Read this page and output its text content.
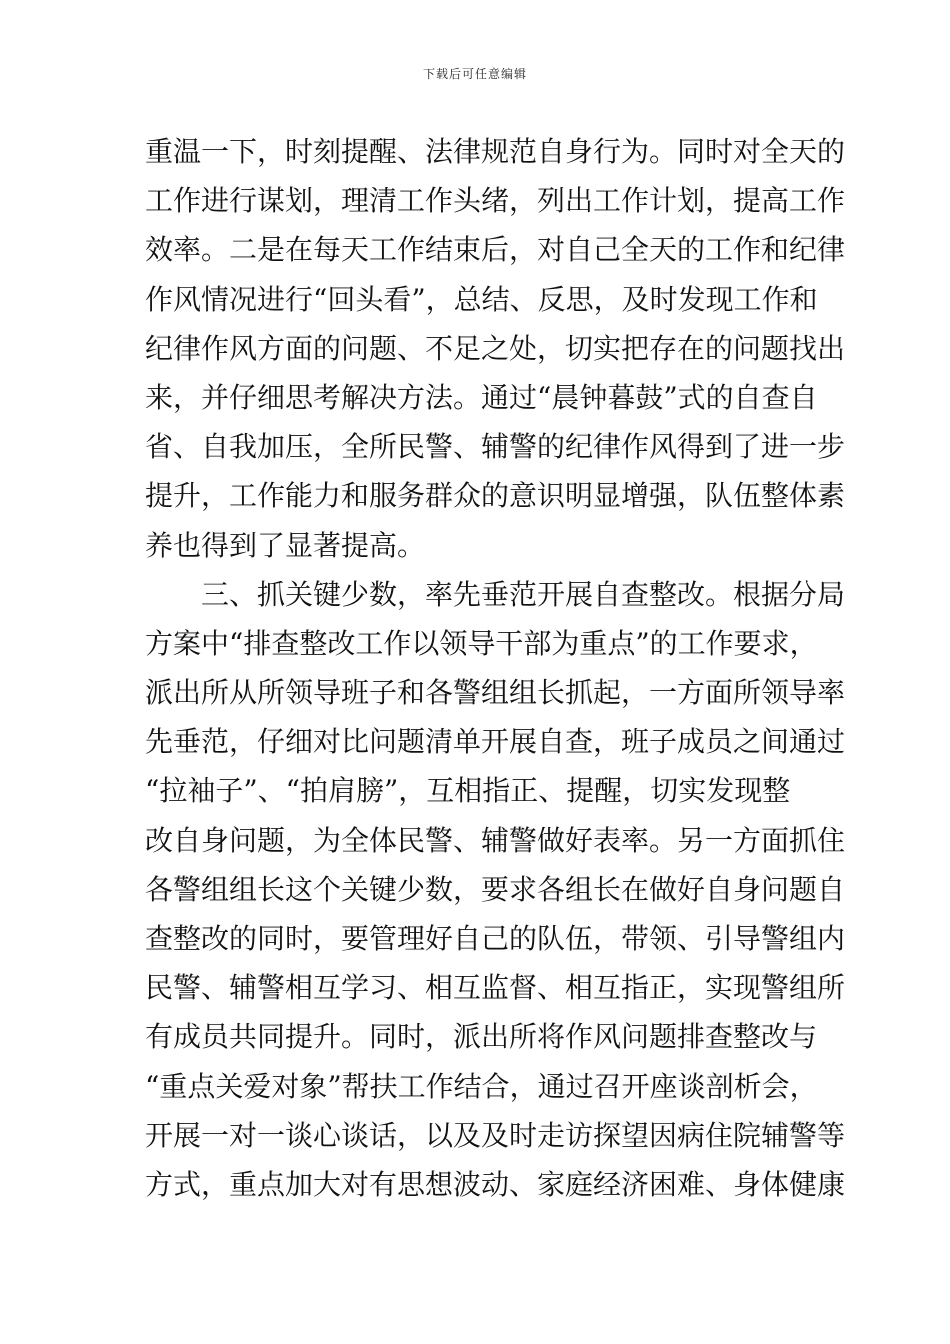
下载后可任意编辑
重温一下，时刻提醒、法律规范自身行为。同时对全天的
工作进行谋划，理清工作头绪，列出工作计划，提高工作
效率。二是在每天工作结束后，对自己全天的工作和纪律
作风情况进行“回头看”，总结、反思，及时发现工作和
纪律作风方面的问题、不足之处，切实把存在的问题找出
来，并仔细思考解决方法。通过“晨钟暮鼓”式的自查自
省、自我加压，全所民警、辅警的纪律作风得到了进一步
提升，工作能力和服务群众的意识明显增强，队伍整体素
养也得到了显著提高。
三、抓关键少数，率先垂范开展自查整改。根据分局
方案中“排查整改工作以领导干部为重点”的工作要求，
派出所从所领导班子和各警组组长抓起，一方面所领导率
先垂范，仔细对比问题清单开展自查，班子成员之间通过
“拉袖子”、“拍肩膀”，互相指正、提醒，切实发现整
改自身问题，为全体民警、辅警做好表率。另一方面抓住
各警组组长这个关键少数，要求各组长在做好自身问题自
查整改的同时，要管理好自己的队伍，带领、引导警组内
民警、辅警相互学习、相互监督、相互指正，实现警组所
有成员共同提升。同时，派出所将作风问题排查整改与
“重点关爱对象”帮扶工作结合，通过召开座谈剖析会，
开展一对一谈心谈话，以及及时走访探望因病住院辅警等
方式，重点加大对有思想波动、家庭经济困难、身体健康
